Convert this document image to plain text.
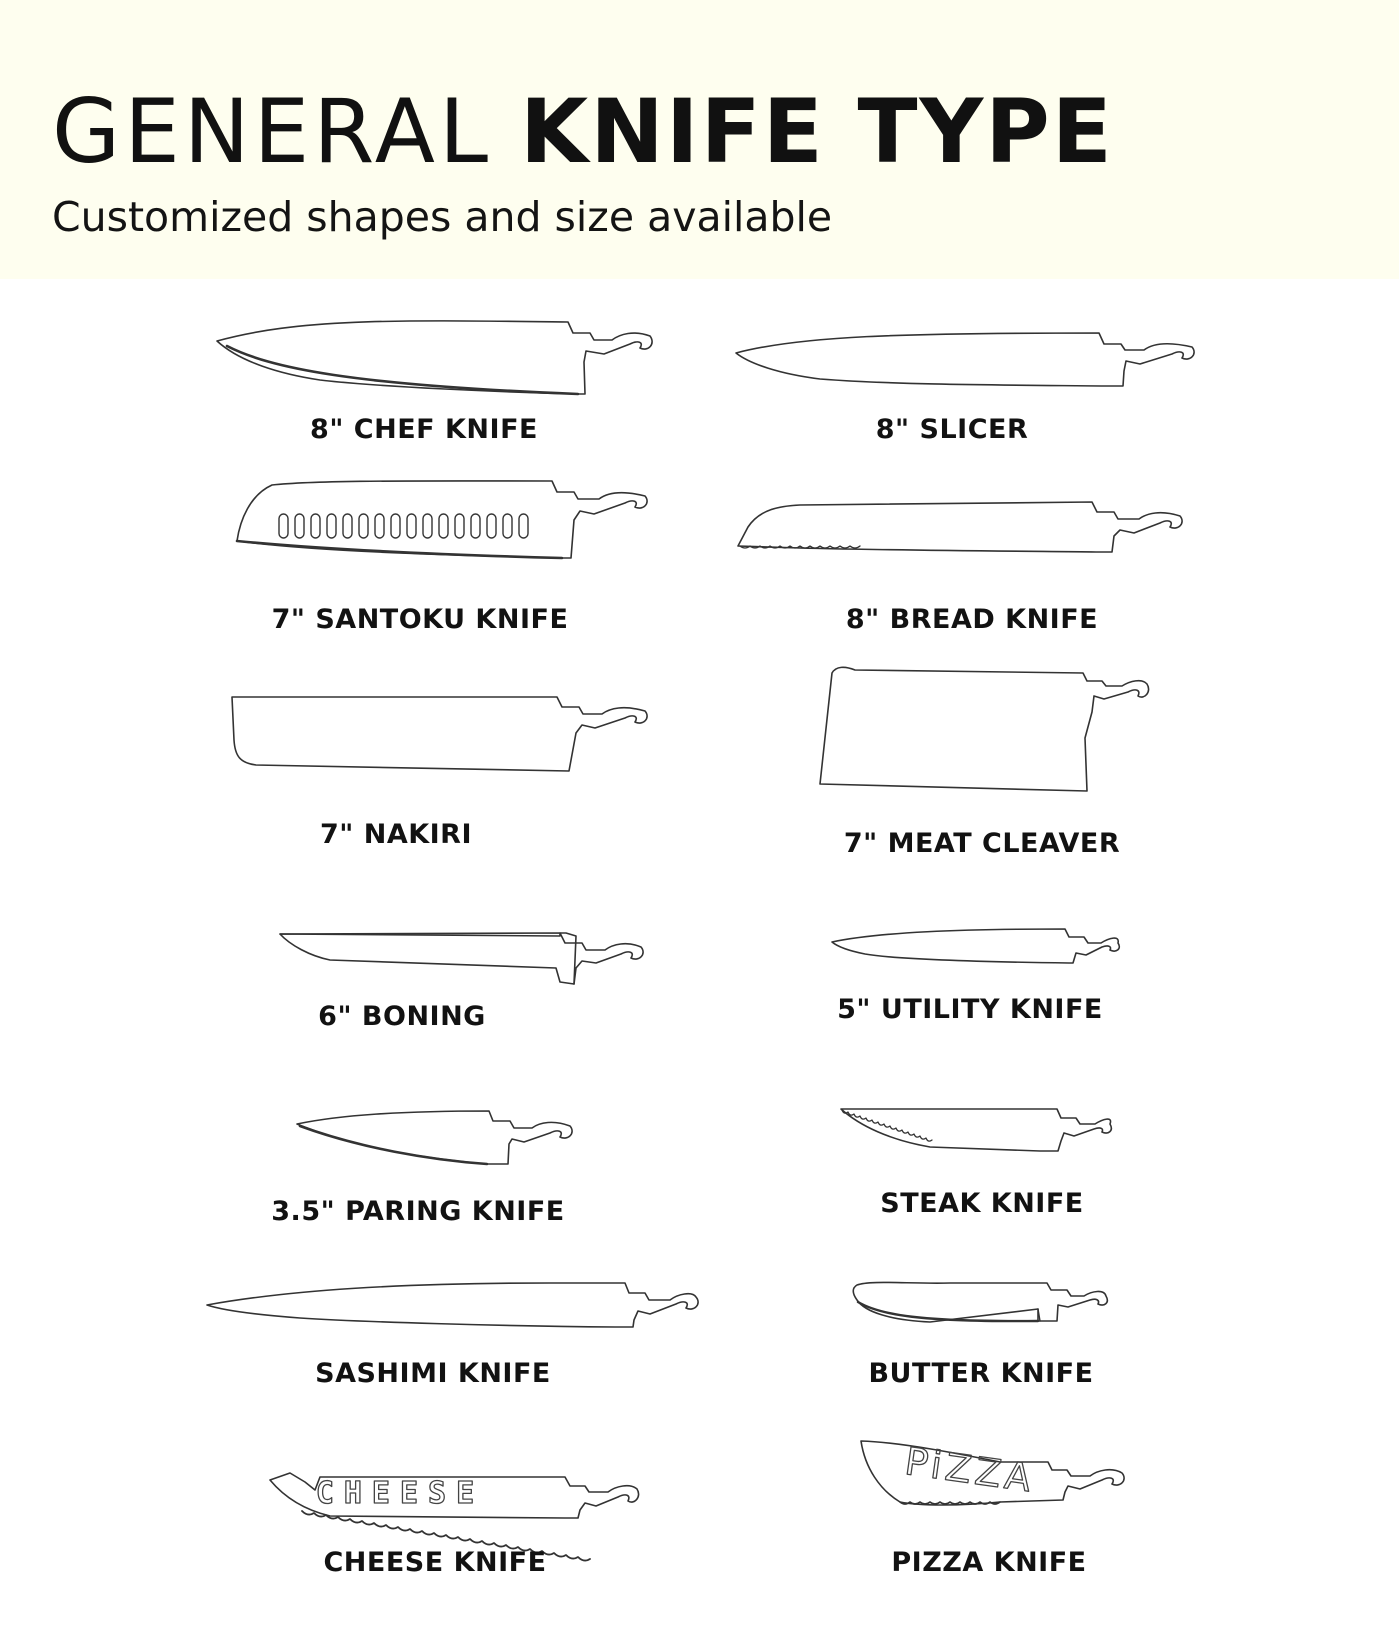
GENERAL KNIFE TYPE
Customized shapes and size available
CHEESE	PiZZA
8" CHEF KNIFE	8" SLICER
7" SANTOKU KNIFE	8" BREAD KNIFE
7" NAKIRI	7" MEAT CLEAVER
6" BONING	5" UTILITY KNIFE
3.5" PARING KNIFE	STEAK KNIFE
SASHIMI KNIFE	BUTTER KNIFE
CHEESE KNIFE	PIZZA KNIFE
